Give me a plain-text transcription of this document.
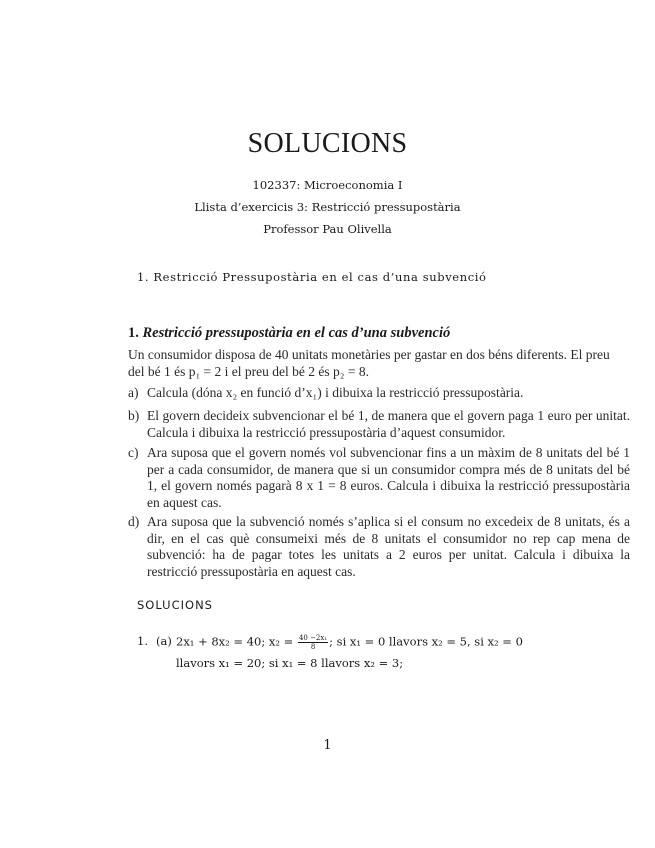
SOLUCIONS
102337: Microeconomia I
Llista d’exercicis 3: Restricció pressupostària
Professor Pau Olivella
1. Restricció Pressupostària en el cas d’una subvenció
1. Restricció pressupostària en el cas d’una subvenció
Un consumidor disposa de 40 unitats monetàries per gastar en dos béns diferents. El preu
del bé 1 és p₁ = 2 i el preu del bé 2 és p₂ = 8.
a) Calcula (dóna x₂ en funció d’x₁) i dibuixa la restricció pressupostària.
b) El govern decideix subvencionar el bé 1, de manera que el govern paga 1 euro per unitat. Calcula i dibuixa la restricció pressupostària d’aquest consumidor.
c) Ara suposa que el govern només vol subvencionar fins a un màxim de 8 unitats del bé 1 per a cada consumidor, de manera que si un consumidor compra més de 8 unitats del bé 1, el govern només pagarà 8 x 1 = 8 euros. Calcula i dibuixa la restricció pressupostària en aquest cas.
d) Ara suposa que la subvenció només s’aplica si el consum no excedeix de 8 unitats, és a dir, en el cas què consumeixi més de 8 unitats el consumidor no rep cap mena de subvenció: ha de pagar totes les unitats a 2 euros per unitat. Calcula i dibuixa la restricció pressupostària en aquest cas.
SOLUCIONS
1. (a) 2x₁ + 8x₂ = 40; $x_2 = \frac{\text{40 −2x₁}}{8}$ ; si x₁ = 0 llavors x₂ = 5, si x₂ = 0
llavors x₁ = 20; si x₁ = 8 llavors x₂ = 3;
1
